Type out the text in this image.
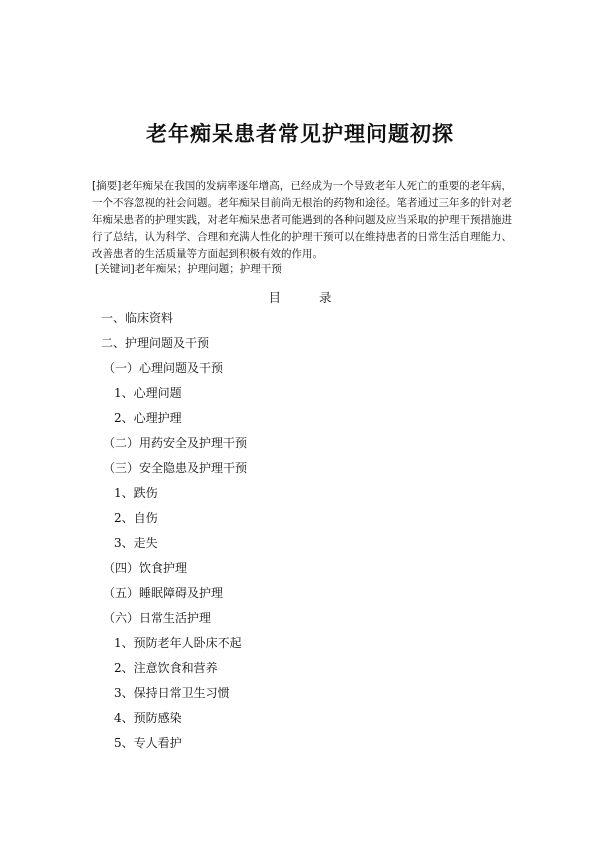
老年痴呆患者常见护理问题初探

[摘要]老年痴呆在我国的发病率逐年增高，已经成为一个导致老年人死亡的重要的老年病，一个不容忽视的社会问题。老年痴呆目前尚无根治的药物和途径。笔者通过三年多的针对老年痴呆患者的护理实践，对老年痴呆患者可能遇到的各种问题及应当采取的护理干预措施进行了总结，认为科学、合理和充满人性化的护理干预可以在维持患者的日常生活自理能力、改善患者的生活质量等方面起到积极有效的作用。

[关键词]老年痴呆；护理问题；护理干预
目 录
一、临床资料
二、护理问题及干预
（一）心理问题及干预
1、心理问题
2、心理护理
（二）用药安全及护理干预
（三）安全隐患及护理干预
1、跌伤
2、自伤
3、走失
（四）饮食护理
（五）睡眠障碍及护理
（六）日常生活护理
1、预防老年人卧床不起
2、注意饮食和营养
3、保持日常卫生习惯
4、预防感染
5、专人看护
